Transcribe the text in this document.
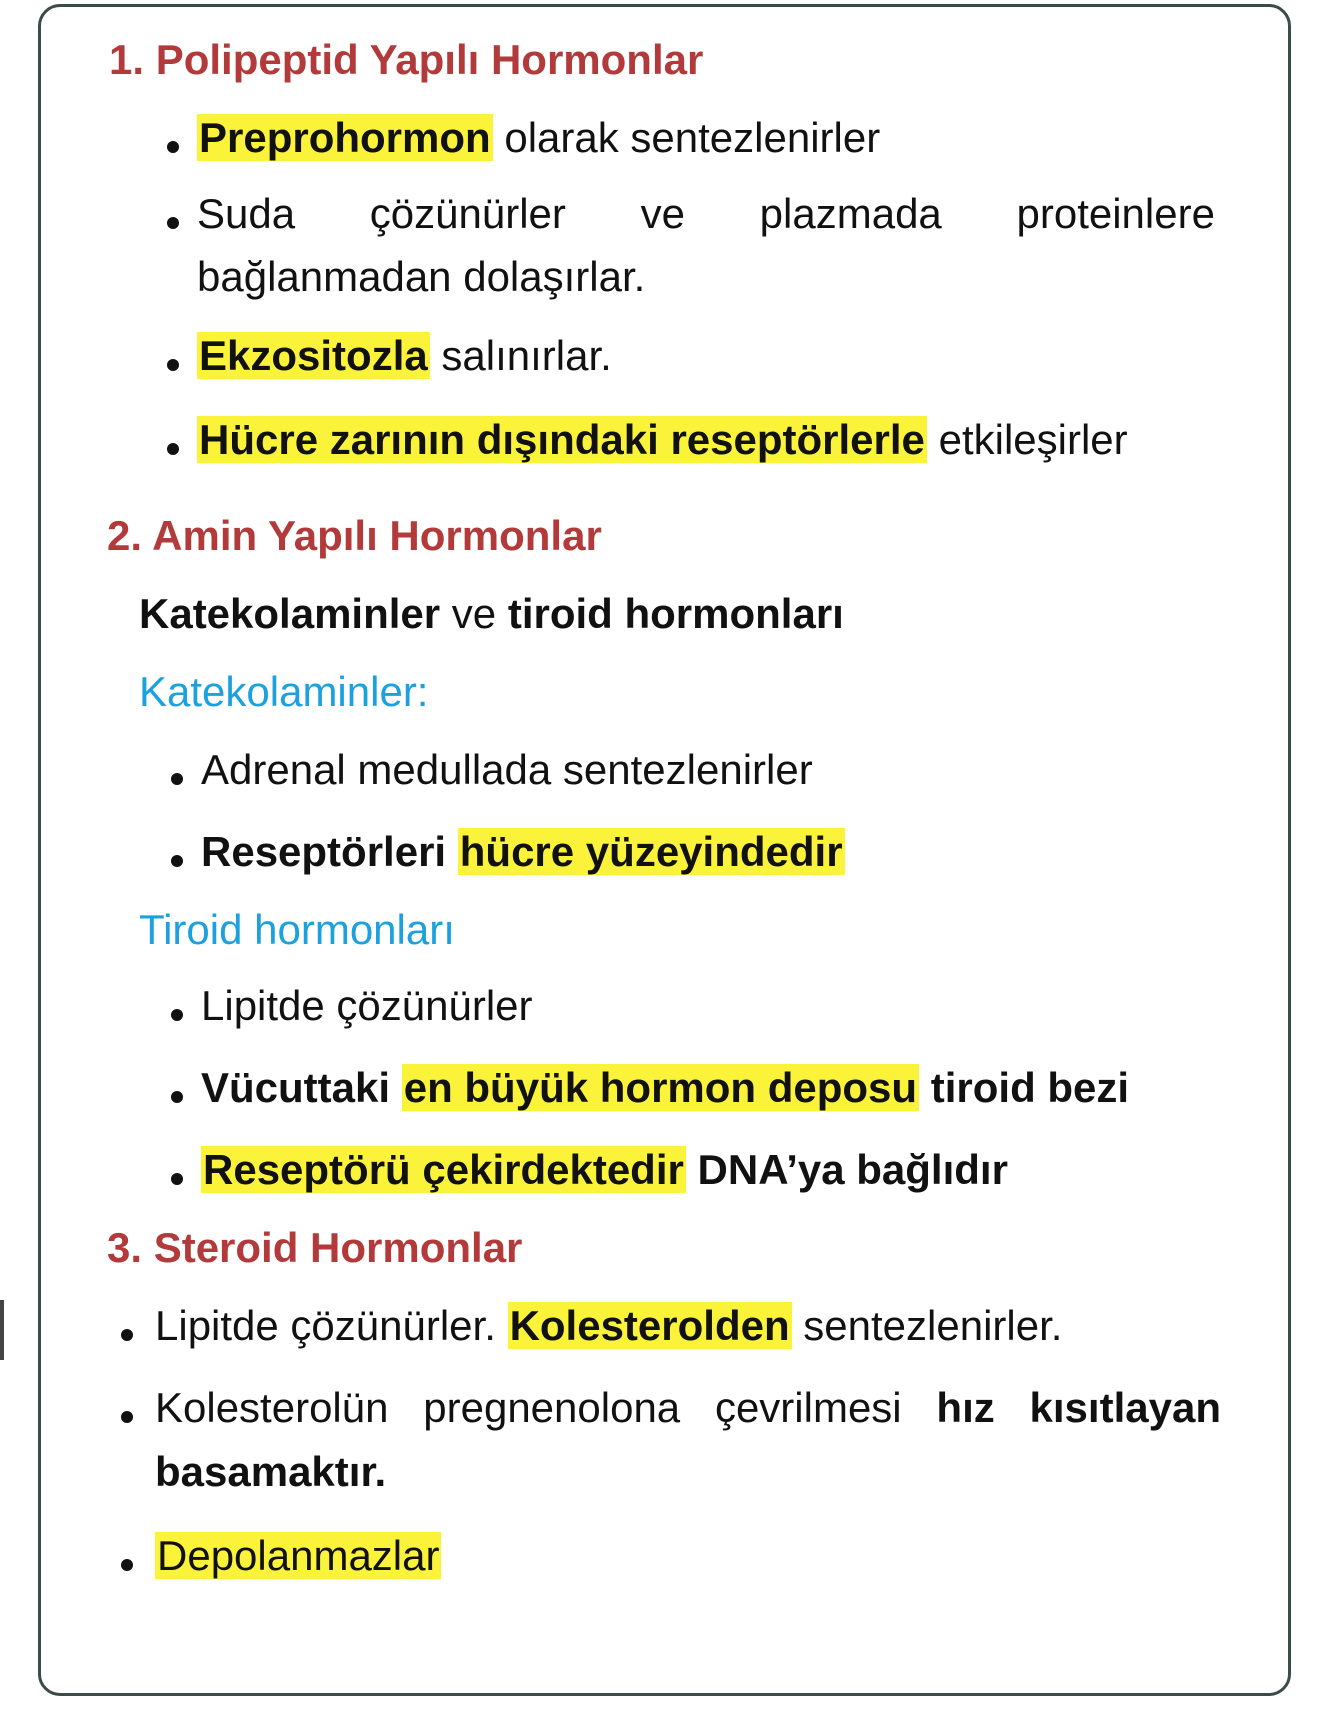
1. Polipeptid Yapılı Hormonlar
Preprohormon olarak sentezlenirler
Suda çözünürler ve plazmada proteinlere
bağlanmadan dolaşırlar.
Ekzositozla salınırlar.
Hücre zarının dışındaki reseptörlerle etkileşirler
2. Amin Yapılı Hormonlar
Katekolaminler ve tiroid hormonları
Katekolaminler:
Adrenal medullada sentezlenirler
Reseptörleri hücre yüzeyindedir
Tiroid hormonları
Lipitde çözünürler
Vücuttaki en büyük hormon deposu tiroid bezi
Reseptörü çekirdektedir DNA’ya bağlıdır
3. Steroid Hormonlar
Lipitde çözünürler. Kolesterolden sentezlenirler.
Kolesterolün pregnenolona çevrilmesi hız kısıtlayan
basamaktır.
Depolanmazlar
